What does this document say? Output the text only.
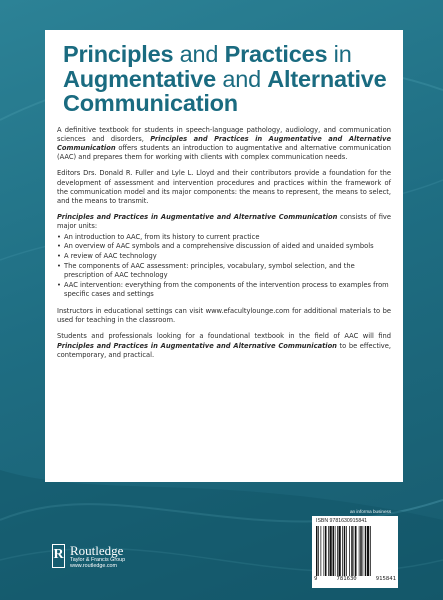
Principles and Practices in
Augmentative and Alternative
Communication

A definitive textbook for students in speech-language pathology, audiology, and communication sciences and disorders, Principles and Practices in Augmentative and Alternative Communication offers students an introduction to augmentative and alternative communication (AAC) and prepares them for working with clients with complex communication needs.

Editors Drs. Donald R. Fuller and Lyle L. Lloyd and their contributors provide a foundation for the development of assessment and intervention procedures and practices within the framework of the communication model and its major components: the means to represent, the means to select, and the means to transmit.

Principles and Practices in Augmentative and Alternative Communication consists of five major units:

• An introduction to AAC, from its history to current practice
• An overview of AAC symbols and a comprehensive discussion of aided and unaided symbols
• A review of AAC technology
• The components of AAC assessment: principles, vocabulary, symbol selection, and the prescription of AAC technology
• AAC intervention: everything from the components of the intervention process to examples from specific cases and settings

Instructors in educational settings can visit www.efacultylounge.com for additional materials to be used for teaching in the classroom.

Students and professionals looking for a foundational textbook in the field of AAC will find Principles and Practices in Augmentative and Alternative Communication to be effective, contemporary, and practical.

R Routledge
Taylor & Francis Group
www.routledge.com
an informa business
ISBN 978163091584​1
9	781630	915841
